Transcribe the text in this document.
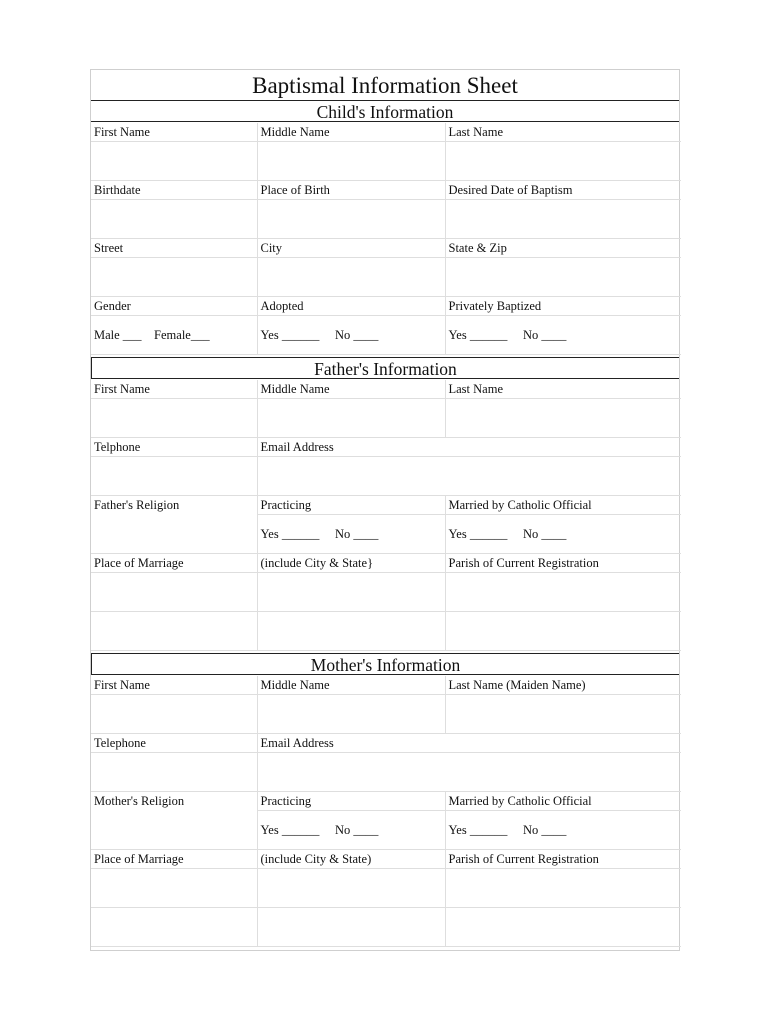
Baptismal Information Sheet
Child's Information
First Name	Middle Name	Last Name

Birthdate	Place of Birth	Desired Date of Baptism

Street	City	State & Zip

Gender	Adopted	Privately Baptized
Male ___    Female___	Yes ______     No ____	Yes ______     No ____
Father's Information
First Name	Middle Name	Last Name

Telphone	Email Address	

Father's Religion	Practicing	Married by Catholic Official
	Yes ______     No ____	Yes ______     No ____
Place of Marriage	(include City & State}	Parish of Current Registration

Mother's Information
First Name	Middle Name	Last Name (Maiden Name)

Telephone	Email Address	

Mother's Religion	Practicing	Married by Catholic Official
	Yes ______     No ____	Yes ______     No ____
Place of Marriage	(include City & State)	Parish of Current Registration
